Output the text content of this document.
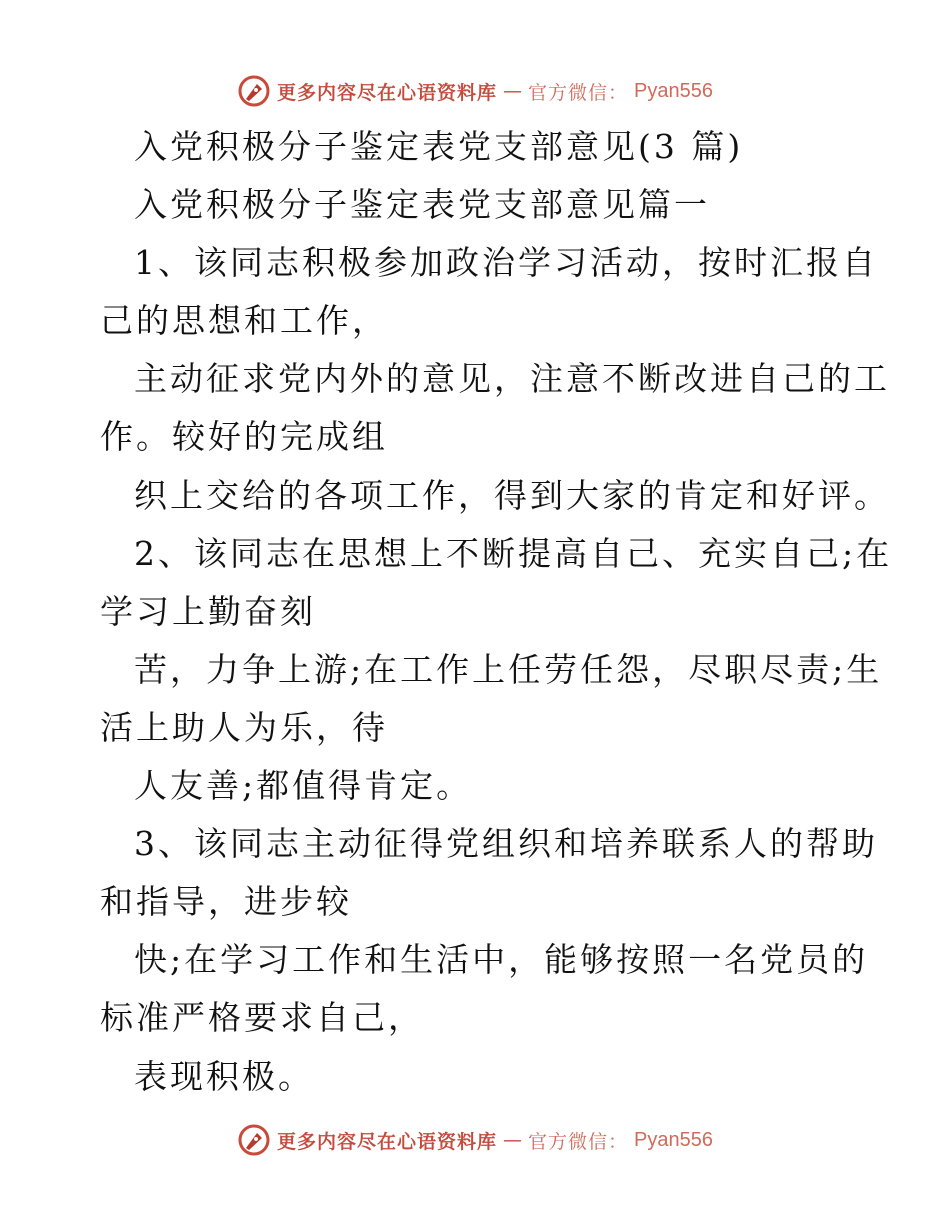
更多内容尽在心语资料库 — 官方微信： Pyan556
入党积极分子鉴定表党支部意见(3 篇)
入党积极分子鉴定表党支部意见篇一
1、该同志积极参加政治学习活动，按时汇报自
己的思想和工作，
主动征求党内外的意见，注意不断改进自己的工
作。较好的完成组
织上交给的各项工作，得到大家的肯定和好评。
2、该同志在思想上不断提高自己、充实自己;在
学习上勤奋刻
苦，力争上游;在工作上任劳任怨，尽职尽责;生
活上助人为乐，待
人友善;都值得肯定。
3、该同志主动征得党组织和培养联系人的帮助
和指导，进步较
快;在学习工作和生活中，能够按照一名党员的
标准严格要求自己，
表现积极。
更多内容尽在心语资料库 — 官方微信： Pyan556
